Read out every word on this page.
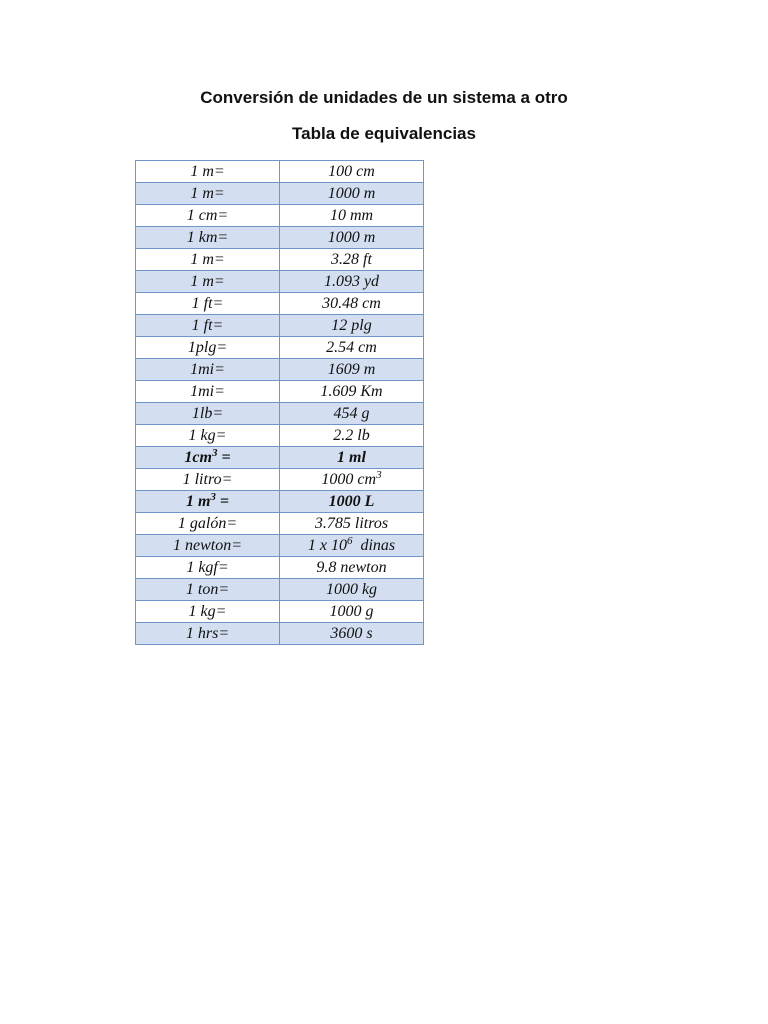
Conversión de unidades de un sistema a otro
Tabla de equivalencias
1 m=	100 cm
1 m=	1000 m
1 cm=	10 mm
1 km=	1000 m
1 m=	3.28 ft
1 m=	1.093 yd
1 ft=	30.48 cm
1 ft=	12 plg
1plg=	2.54 cm
1mi=	1609 m
1mi=	1.609 Km
1lb=	454 g
1 kg=	2.2 lb
$1cm^3$ =	1 ml
1 litro=	1000 $cm^3$
1 $m^3$ =	1000 L
1 galón=	3.785 litros
1 newton=	1 x $10^6$  dinas
1 kgf=	9.8 newton
1 ton=	1000 kg
1 kg=	1000 g
1 hrs=	3600 s
